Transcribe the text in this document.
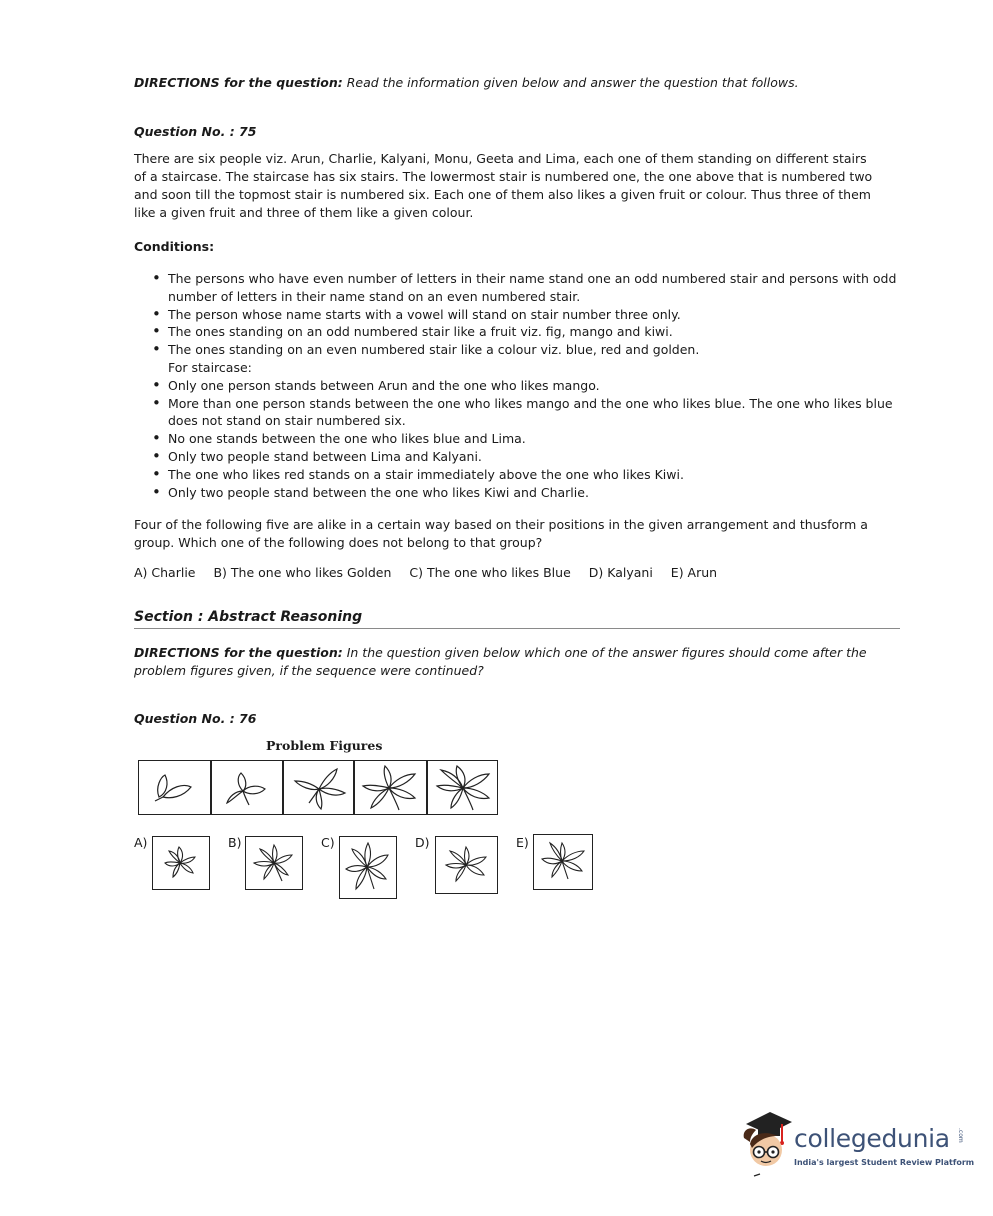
DIRECTIONS for the question: Read the information given below and answer the question that follows.
Question No. : 75
There are six people viz. Arun, Charlie, Kalyani, Monu, Geeta and Lima, each one of them standing on different stairs of a staircase. The staircase has six stairs. The lowermost stair is numbered one, the one above that is numbered two and soon till the topmost stair is numbered six. Each one of them also likes a given fruit or colour. Thus three of them like a given fruit and three of them like a given colour.
Conditions:
• The persons who have even number of letters in their name stand one an odd numbered stair and persons with odd number of letters in their name stand on an even numbered stair.
• The person whose name starts with a vowel will stand on stair number three only.
• The ones standing on an odd numbered stair like a fruit viz. fig, mango and kiwi.
• The ones standing on an even numbered stair like a colour viz. blue, red and golden.
For staircase:
• Only one person stands between Arun and the one who likes mango.
• More than one person stands between the one who likes mango and the one who likes blue. The one who likes blue does not stand on stair numbered six.
• No one stands between the one who likes blue and Lima.
• Only two people stand between Lima and Kalyani.
• The one who likes red stands on a stair immediately above the one who likes Kiwi.
• Only two people stand between the one who likes Kiwi and Charlie.
Four of the following five are alike in a certain way based on their positions in the given arrangement and thusform a group. Which one of the following does not belong to that group?
A) Charlie B) The one who likes Golden C) The one who likes Blue D) Kalyani E) Arun
Section : Abstract Reasoning
DIRECTIONS for the question: In the question given below which one of the answer figures should come after the problem figures given, if the sequence were continued?
Question No. : 76
Problem Figures
A)	B)	C)	D)	E)
collegedunia .com
India's largest Student Review Platform
